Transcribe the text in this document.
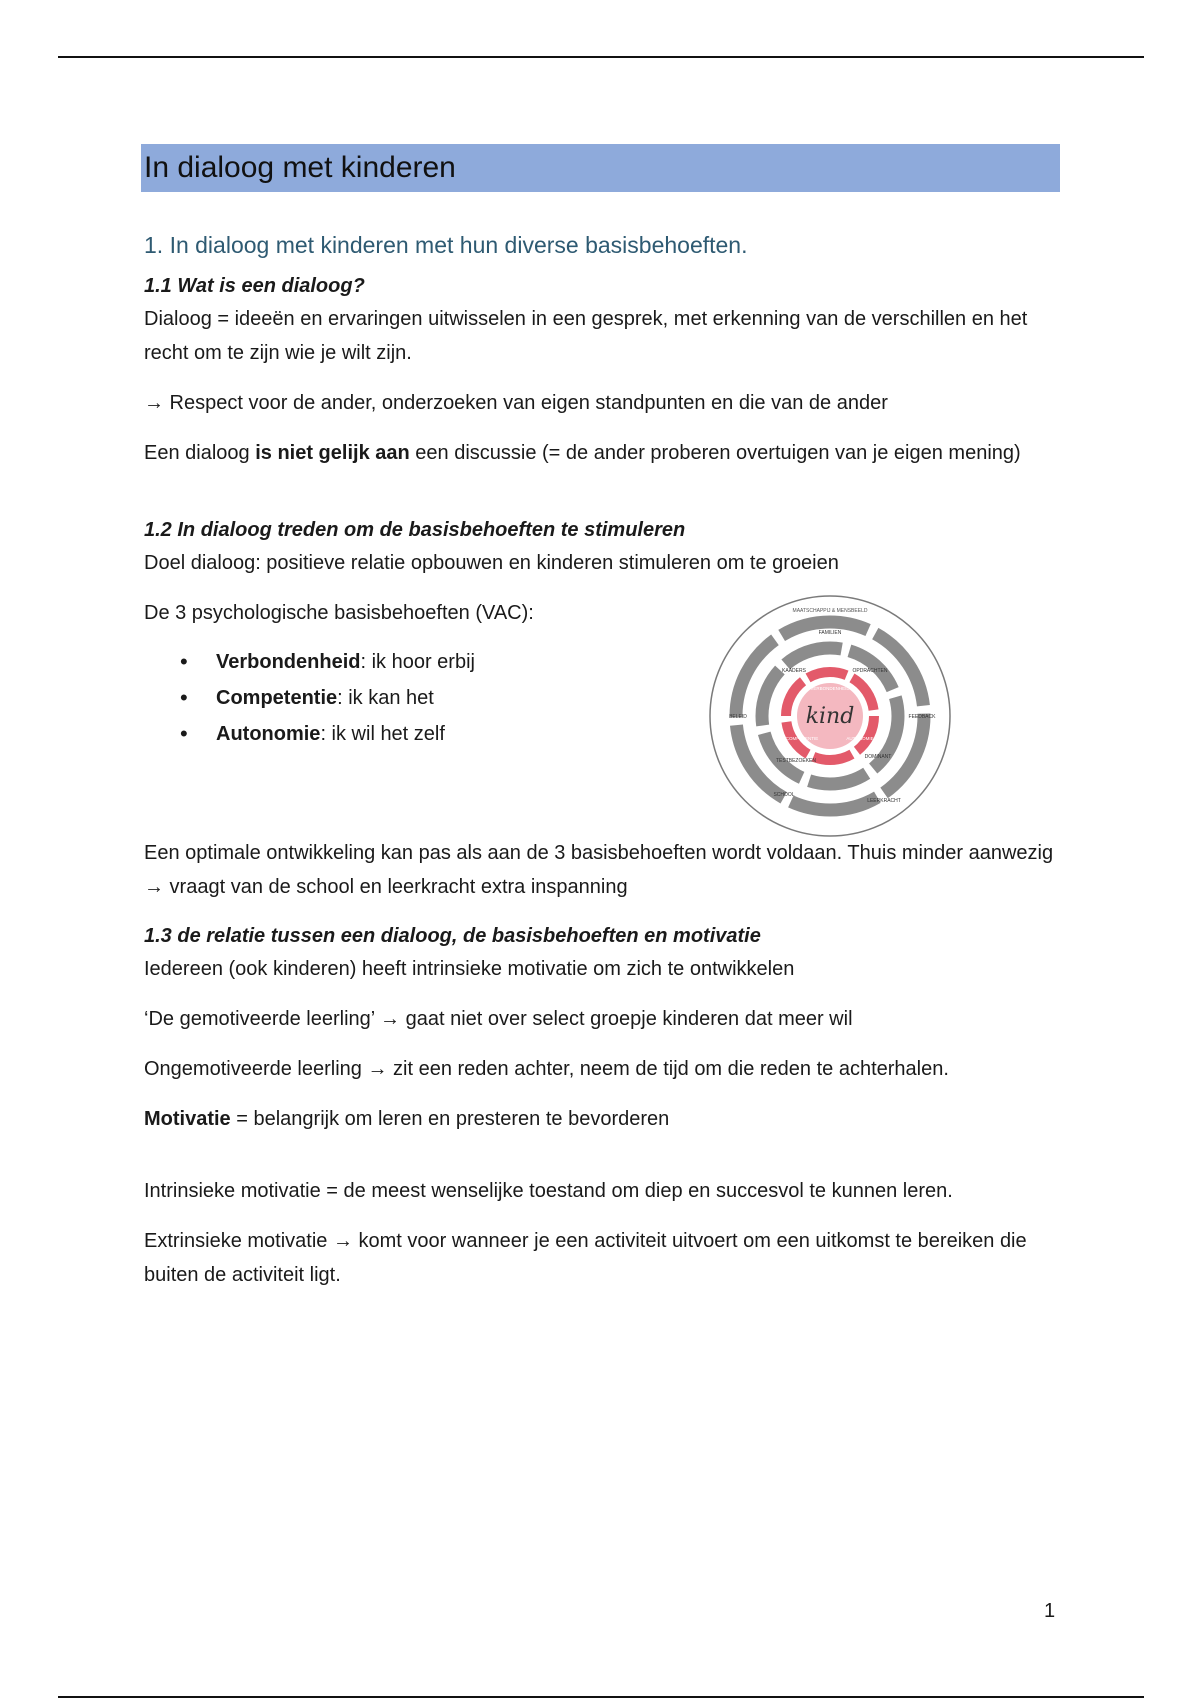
In dialoog met kinderen
1. In dialoog met kinderen met hun diverse basisbehoeften.
1.1 Wat is een dialoog?

Dialoog = ideeën en ervaringen uitwisselen in een gesprek, met erkenning van de verschillen en het recht om te zijn wie je wilt zijn.

→ Respect voor de ander, onderzoeken van eigen standpunten en die van de ander

Een dialoog is niet gelijk aan een discussie (= de ander proberen overtuigen van je eigen mening)

1.2 In dialoog treden om de basisbehoeften te stimuleren

Doel dialoog: positieve relatie opbouwen en kinderen stimuleren om te groeien

De 3 psychologische basisbehoeften (VAC):
• Verbondenheid: ik hoor erbij
• Competentie: ik kan het
• Autonomie: ik wil het zelf
kind
MAATSCHAPPIJ & MENSBEELD
FAMILIEN
FEEDBACK
LEERKRACHT
SCHOOL
BELEID
KAADERS	OPDRACHTEN
DOMINANT
TESTBEZOEKEN
VERBONDENHEID
AUTONOMIE
COMPETENTIE

Een optimale ontwikkeling kan pas als aan de 3 basisbehoeften wordt voldaan. Thuis minder aanwezig → vraagt van de school en leerkracht extra inspanning

1.3 de relatie tussen een dialoog, de basisbehoeften en motivatie

Iedereen (ook kinderen) heeft intrinsieke motivatie om zich te ontwikkelen

‘De gemotiveerde leerling’ → gaat niet over select groepje kinderen dat meer wil

Ongemotiveerde leerling → zit een reden achter, neem de tijd om die reden te achterhalen.

Motivatie = belangrijk om leren en presteren te bevorderen

Intrinsieke motivatie = de meest wenselijke toestand om diep en succesvol te kunnen leren.

Extrinsieke motivatie → komt voor wanneer je een activiteit uitvoert om een uitkomst te bereiken die buiten de activiteit ligt.

1
